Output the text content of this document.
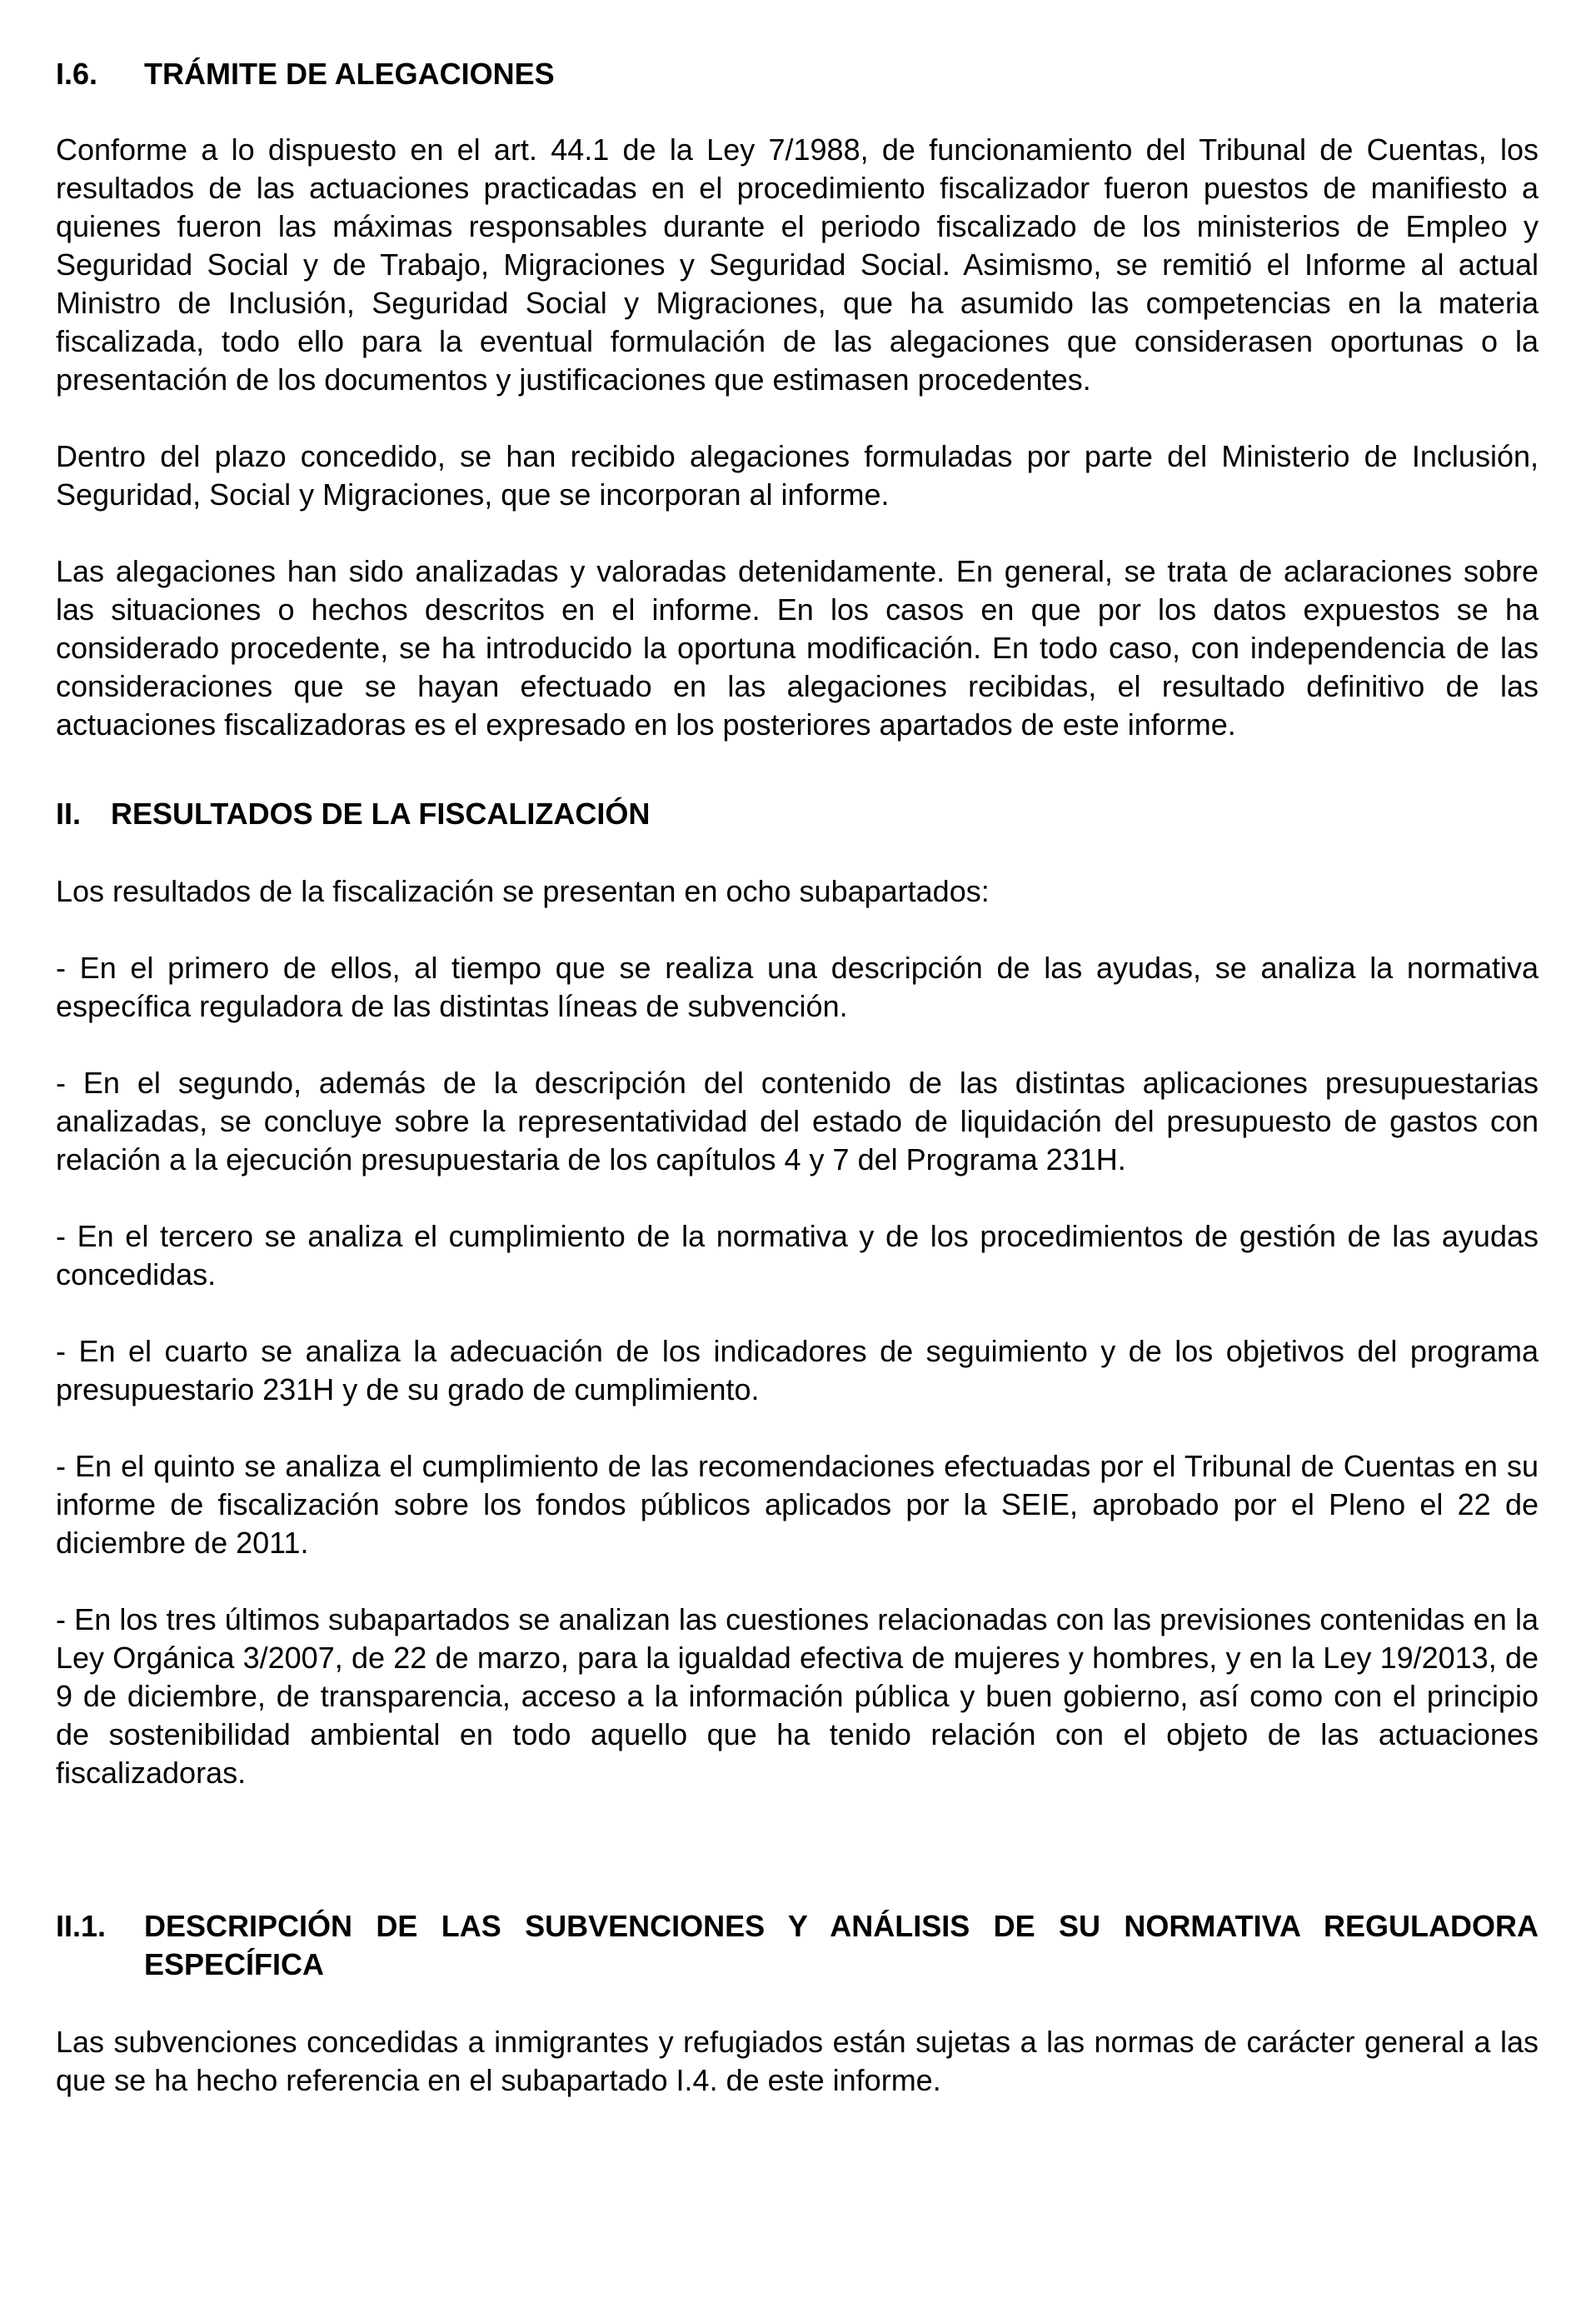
I.6.	TRÁMITE DE ALEGACIONES

Conforme a lo dispuesto en el art. 44.1 de la Ley 7/1988, de funcionamiento del Tribunal de Cuentas, los resultados de las actuaciones practicadas en el procedimiento fiscalizador fueron puestos de manifiesto a quienes fueron las máximas responsables durante el periodo fiscalizado de los ministerios de Empleo y Seguridad Social y de Trabajo, Migraciones y Seguridad Social. Asimismo, se remitió el Informe al actual Ministro de Inclusión, Seguridad Social y Migraciones, que ha asumido las competencias en la materia fiscalizada, todo ello para la eventual formulación de las alegaciones que considerasen oportunas o la presentación de los documentos y justificaciones que estimasen procedentes.

Dentro del plazo concedido, se han recibido alegaciones formuladas por parte del Ministerio de Inclusión, Seguridad, Social y Migraciones, que se incorporan al informe.

Las alegaciones han sido analizadas y valoradas detenidamente. En general, se trata de aclaraciones sobre las situaciones o hechos descritos en el informe. En los casos en que por los datos expuestos se ha considerado procedente, se ha introducido la oportuna modificación. En todo caso, con independencia de las consideraciones que se hayan efectuado en las alegaciones recibidas, el resultado definitivo de las actuaciones fiscalizadoras es el expresado en los posteriores apartados de este informe.

II. RESULTADOS DE LA FISCALIZACIÓN

Los resultados de la fiscalización se presentan en ocho subapartados:

- En el primero de ellos, al tiempo que se realiza una descripción de las ayudas, se analiza la normativa específica reguladora de las distintas líneas de subvención.

- En el segundo, además de la descripción del contenido de las distintas aplicaciones presupuestarias analizadas, se concluye sobre la representatividad del estado de liquidación del presupuesto de gastos con relación a la ejecución presupuestaria de los capítulos 4 y 7 del Programa 231H.

- En el tercero se analiza el cumplimiento de la normativa y de los procedimientos de gestión de las ayudas concedidas.

- En el cuarto se analiza la adecuación de los indicadores de seguimiento y de los objetivos del programa presupuestario 231H y de su grado de cumplimiento.

- En el quinto se analiza el cumplimiento de las recomendaciones efectuadas por el Tribunal de Cuentas en su informe de fiscalización sobre los fondos públicos aplicados por la SEIE, aprobado por el Pleno el 22 de diciembre de 2011.

- En los tres últimos subapartados se analizan las cuestiones relacionadas con las previsiones contenidas en la Ley Orgánica 3/2007, de 22 de marzo, para la igualdad efectiva de mujeres y hombres, y en la Ley 19/2013, de 9 de diciembre, de transparencia, acceso a la información pública y buen gobierno, así como con el principio de sostenibilidad ambiental en todo aquello que ha tenido relación con el objeto de las actuaciones fiscalizadoras.

II.1.	DESCRIPCIÓN DE LAS SUBVENCIONES Y ANÁLISIS DE SU NORMATIVA REGULADORA ESPECÍFICA

Las subvenciones concedidas a inmigrantes y refugiados están sujetas a las normas de carácter general a las que se ha hecho referencia en el subapartado I.4. de este informe.
